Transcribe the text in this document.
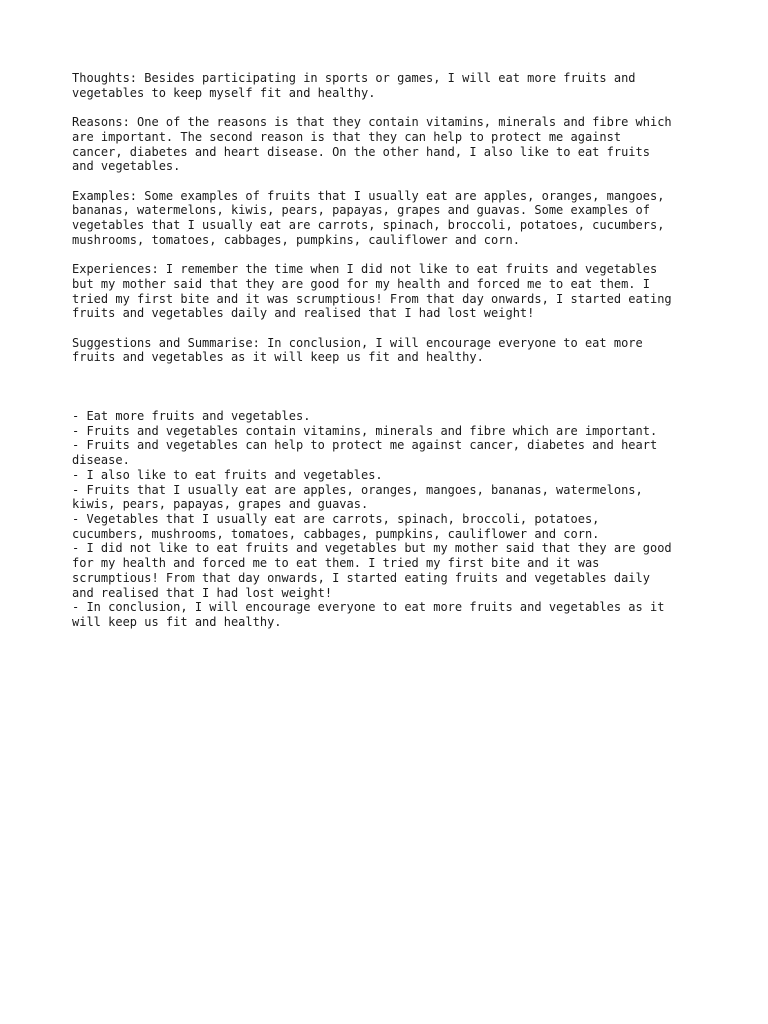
Thoughts: Besides participating in sports or games, I will eat more fruits and
vegetables to keep myself fit and healthy.

Reasons: One of the reasons is that they contain vitamins, minerals and fibre which
are important. The second reason is that they can help to protect me against
cancer, diabetes and heart disease. On the other hand, I also like to eat fruits
and vegetables.

Examples: Some examples of fruits that I usually eat are apples, oranges, mangoes,
bananas, watermelons, kiwis, pears, papayas, grapes and guavas. Some examples of
vegetables that I usually eat are carrots, spinach, broccoli, potatoes, cucumbers,
mushrooms, tomatoes, cabbages, pumpkins, cauliflower and corn.

Experiences: I remember the time when I did not like to eat fruits and vegetables
but my mother said that they are good for my health and forced me to eat them. I
tried my first bite and it was scrumptious! From that day onwards, I started eating
fruits and vegetables daily and realised that I had lost weight!

Suggestions and Summarise: In conclusion, I will encourage everyone to eat more
fruits and vegetables as it will keep us fit and healthy.

- Eat more fruits and vegetables.
- Fruits and vegetables contain vitamins, minerals and fibre which are important.
- Fruits and vegetables can help to protect me against cancer, diabetes and heart
disease.
- I also like to eat fruits and vegetables.
- Fruits that I usually eat are apples, oranges, mangoes, bananas, watermelons,
kiwis, pears, papayas, grapes and guavas.
- Vegetables that I usually eat are carrots, spinach, broccoli, potatoes,
cucumbers, mushrooms, tomatoes, cabbages, pumpkins, cauliflower and corn.
- I did not like to eat fruits and vegetables but my mother said that they are good
for my health and forced me to eat them. I tried my first bite and it was
scrumptious! From that day onwards, I started eating fruits and vegetables daily
and realised that I had lost weight!
- In conclusion, I will encourage everyone to eat more fruits and vegetables as it
will keep us fit and healthy.
